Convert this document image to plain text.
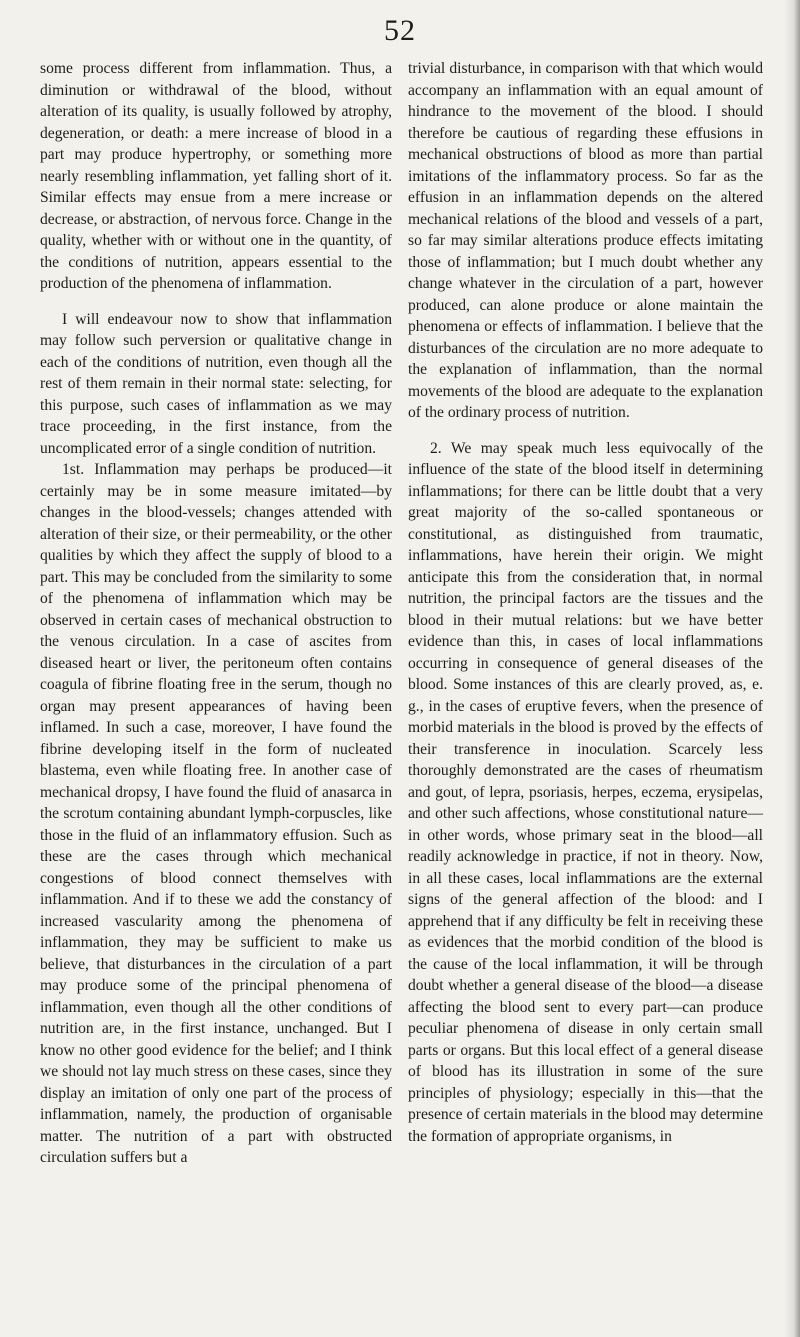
52

some process different from inflammation. Thus, a diminution or withdrawal of the blood, without alteration of its quality, is usually followed by atrophy, degeneration, or death: a mere increase of blood in a part may produce hypertrophy, or something more nearly resembling inflammation, yet falling short of it. Similar effects may ensue from a mere increase or decrease, or abstraction, of nervous force. Change in the quality, whether with or without one in the quantity, of the conditions of nutrition, appears essential to the production of the phenomena of inflammation.

I will endeavour now to show that inflammation may follow such perversion or qualitative change in each of the conditions of nutrition, even though all the rest of them remain in their normal state: selecting, for this purpose, such cases of inflammation as we may trace proceeding, in the first instance, from the uncomplicated error of a single condition of nutrition.

1st. Inflammation may perhaps be produced—it certainly may be in some measure imitated—by changes in the blood-vessels; changes attended with alteration of their size, or their permeability, or the other qualities by which they affect the supply of blood to a part. This may be concluded from the similarity to some of the phenomena of inflammation which may be observed in certain cases of mechanical obstruction to the venous circulation. In a case of ascites from diseased heart or liver, the peritoneum often contains coagula of fibrine floating free in the serum, though no organ may present appearances of having been inflamed. In such a case, moreover, I have found the fibrine developing itself in the form of nucleated blastema, even while floating free. In another case of mechanical dropsy, I have found the fluid of anasarca in the scrotum containing abundant lymph-corpuscles, like those in the fluid of an inflammatory effusion. Such as these are the cases through which mechanical congestions of blood connect themselves with inflammation. And if to these we add the constancy of increased vascularity among the phenomena of inflammation, they may be sufficient to make us believe, that disturbances in the circulation of a part may produce some of the principal phenomena of inflammation, even though all the other conditions of nutrition are, in the first instance, unchanged. But I know no other good evidence for the belief; and I think we should not lay much stress on these cases, since they display an imitation of only one part of the process of inflammation, namely, the production of organisable matter. The nutrition of a part with obstructed circulation suffers but a

trivial disturbance, in comparison with that which would accompany an inflammation with an equal amount of hindrance to the movement of the blood. I should therefore be cautious of regarding these effusions in mechanical obstructions of blood as more than partial imitations of the inflammatory process. So far as the effusion in an inflammation depends on the altered mechanical relations of the blood and vessels of a part, so far may similar alterations produce effects imitating those of inflammation; but I much doubt whether any change whatever in the circulation of a part, however produced, can alone produce or alone maintain the phenomena or effects of inflammation. I believe that the disturbances of the circulation are no more adequate to the explanation of inflammation, than the normal movements of the blood are adequate to the explanation of the ordinary process of nutrition.

2. We may speak much less equivocally of the influence of the state of the blood itself in determining inflammations; for there can be little doubt that a very great majority of the so-called spontaneous or constitutional, as distinguished from traumatic, inflammations, have herein their origin. We might anticipate this from the consideration that, in normal nutrition, the principal factors are the tissues and the blood in their mutual relations: but we have better evidence than this, in cases of local inflammations occurring in consequence of general diseases of the blood. Some instances of this are clearly proved, as, e. g., in the cases of eruptive fevers, when the presence of morbid materials in the blood is proved by the effects of their transference in inoculation. Scarcely less thoroughly demonstrated are the cases of rheumatism and gout, of lepra, psoriasis, herpes, eczema, erysipelas, and other such affections, whose constitutional nature—in other words, whose primary seat in the blood—all readily acknowledge in practice, if not in theory. Now, in all these cases, local inflammations are the external signs of the general affection of the blood: and I apprehend that if any difficulty be felt in receiving these as evidences that the morbid condition of the blood is the cause of the local inflammation, it will be through doubt whether a general disease of the blood—a disease affecting the blood sent to every part—can produce peculiar phenomena of disease in only certain small parts or organs. But this local effect of a general disease of blood has its illustration in some of the sure principles of physiology; especially in this—that the presence of certain materials in the blood may determine the formation of appropriate organisms, in
